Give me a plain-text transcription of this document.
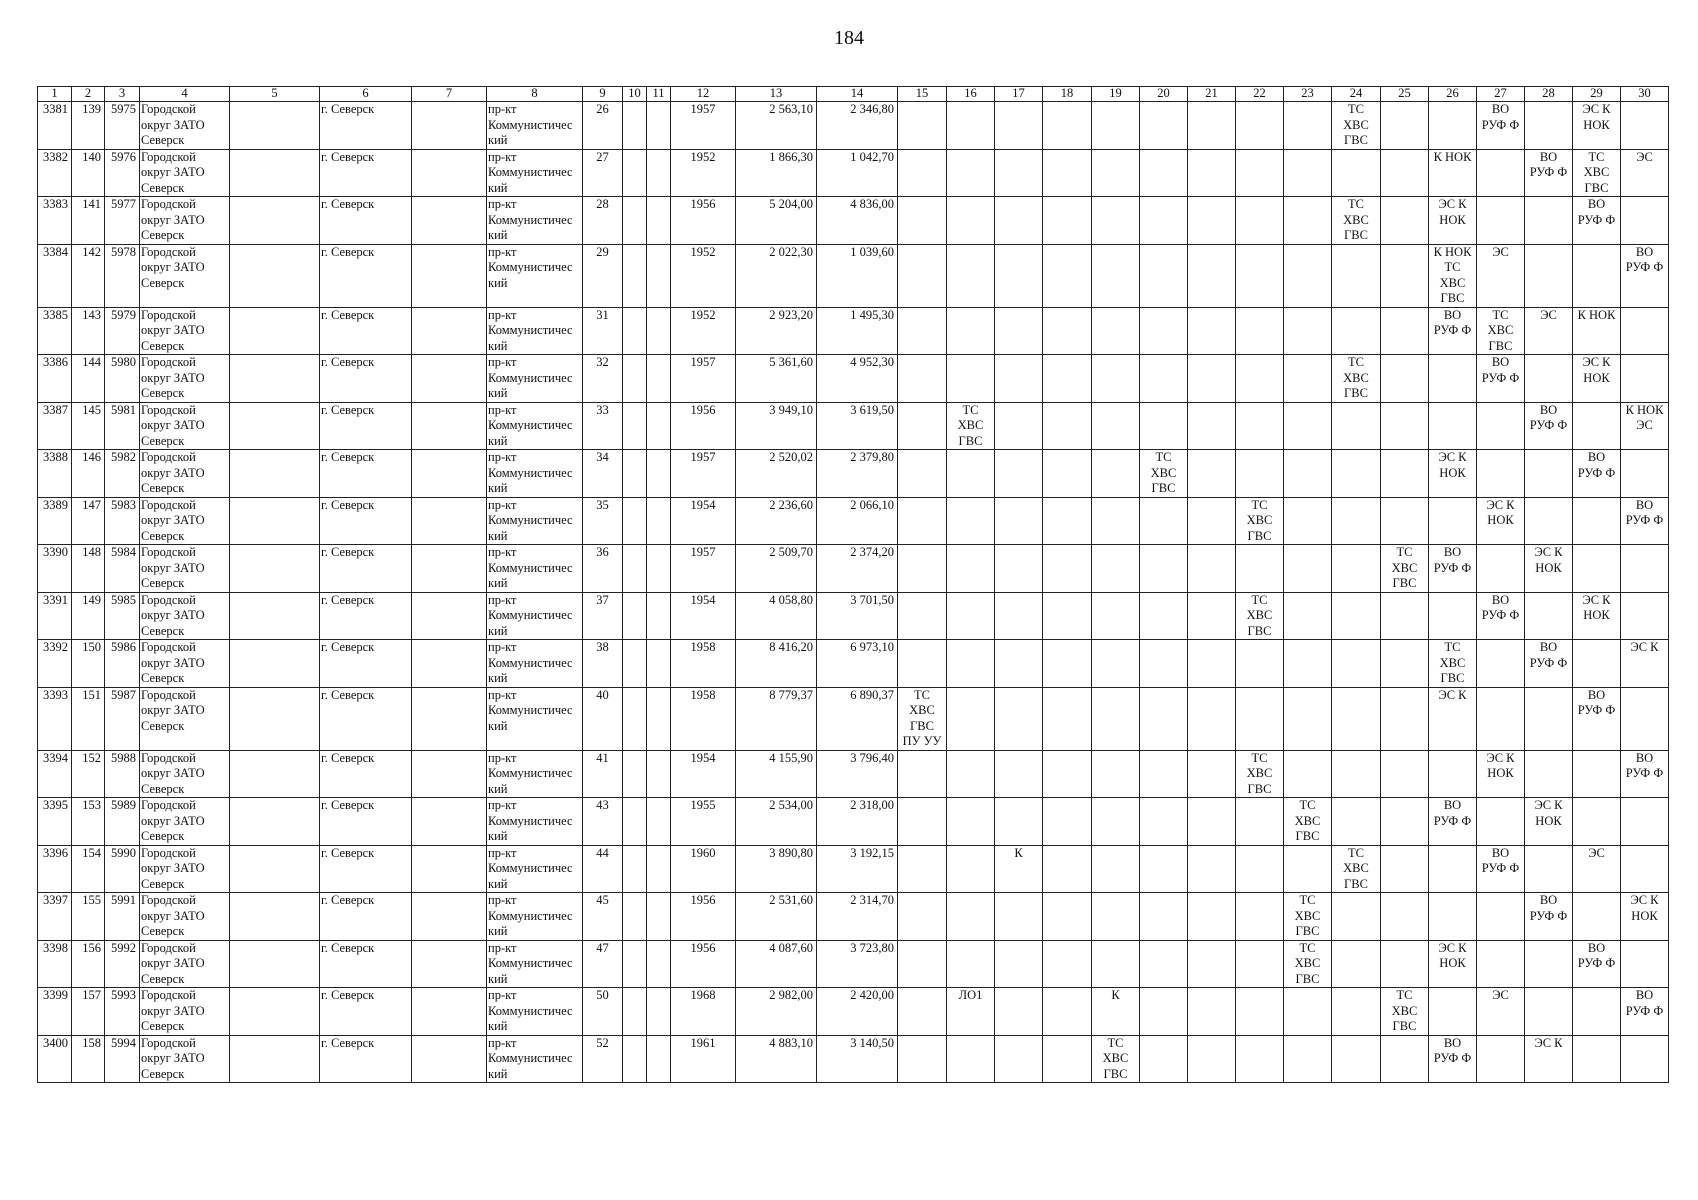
184
1	2	3	4	5	6	7	8	9	10	11	12	13	14	15	16	17	18	19	20	21	22	23	24	25	26	27	28	29	30

3381	139	5975	Городской
округ ЗАТО
Северск		г. Северск		пр-кт
Коммунистичес
кий	26			1957	2 563,10	2 346,80										ТС
ХВС
ГВС			ВО
РУФ Ф		ЭС К
НОК	

3382	140	5976	Городской
округ ЗАТО
Северск		г. Северск		пр-кт
Коммунистичес
кий	27			1952	1 866,30	1 042,70												К НОК		ВО
РУФ Ф	ТС
ХВС
ГВС	ЭС

3383	141	5977	Городской
округ ЗАТО
Северск		г. Северск		пр-кт
Коммунистичес
кий	28			1956	5 204,00	4 836,00										ТС
ХВС
ГВС		ЭС К
НОК			ВО
РУФ Ф	

3384	142	5978	Городской
округ ЗАТО
Северск		г. Северск		пр-кт
Коммунистичес
кий	29			1952	2 022,30	1 039,60												К НОК
ТС
ХВС
ГВС	ЭС			ВО
РУФ Ф

3385	143	5979	Городской
округ ЗАТО
Северск		г. Северск		пр-кт
Коммунистичес
кий	31			1952	2 923,20	1 495,30												ВО
РУФ Ф	ТС
ХВС
ГВС	ЭС	К НОК	

3386	144	5980	Городской
округ ЗАТО
Северск		г. Северск		пр-кт
Коммунистичес
кий	32			1957	5 361,60	4 952,30										ТС
ХВС
ГВС			ВО
РУФ Ф		ЭС К
НОК	

3387	145	5981	Городской
округ ЗАТО
Северск		г. Северск		пр-кт
Коммунистичес
кий	33			1956	3 949,10	3 619,50		ТС
ХВС
ГВС												ВО
РУФ Ф		К НОК
ЭС

3388	146	5982	Городской
округ ЗАТО
Северск		г. Северск		пр-кт
Коммунистичес
кий	34			1957	2 520,02	2 379,80						ТС
ХВС
ГВС						ЭС К
НОК			ВО
РУФ Ф	

3389	147	5983	Городской
округ ЗАТО
Северск		г. Северск		пр-кт
Коммунистичес
кий	35			1954	2 236,60	2 066,10								ТС
ХВС
ГВС					ЭС К
НОК			ВО
РУФ Ф

3390	148	5984	Городской
округ ЗАТО
Северск		г. Северск		пр-кт
Коммунистичес
кий	36			1957	2 509,70	2 374,20											ТС
ХВС
ГВС	ВО
РУФ Ф		ЭС К
НОК		

3391	149	5985	Городской
округ ЗАТО
Северск		г. Северск		пр-кт
Коммунистичес
кий	37			1954	4 058,80	3 701,50								ТС
ХВС
ГВС					ВО
РУФ Ф		ЭС К
НОК	

3392	150	5986	Городской
округ ЗАТО
Северск		г. Северск		пр-кт
Коммунистичес
кий	38			1958	8 416,20	6 973,10												ТС
ХВС
ГВС		ВО
РУФ Ф		ЭС К

3393	151	5987	Городской
округ ЗАТО
Северск		г. Северск		пр-кт
Коммунистичес
кий	40			1958	8 779,37	6 890,37	ТС
ХВС
ГВС
ПУ УУ											ЭС К			ВО
РУФ Ф	

3394	152	5988	Городской
округ ЗАТО
Северск		г. Северск		пр-кт
Коммунистичес
кий	41			1954	4 155,90	3 796,40								ТС
ХВС
ГВС					ЭС К
НОК			ВО
РУФ Ф

3395	153	5989	Городской
округ ЗАТО
Северск		г. Северск		пр-кт
Коммунистичес
кий	43			1955	2 534,00	2 318,00									ТС
ХВС
ГВС			ВО
РУФ Ф		ЭС К
НОК		

3396	154	5990	Городской
округ ЗАТО
Северск		г. Северск		пр-кт
Коммунистичес
кий	44			1960	3 890,80	3 192,15			К							ТС
ХВС
ГВС			ВО
РУФ Ф		ЭС	

3397	155	5991	Городской
округ ЗАТО
Северск		г. Северск		пр-кт
Коммунистичес
кий	45			1956	2 531,60	2 314,70									ТС
ХВС
ГВС					ВО
РУФ Ф		ЭС К
НОК

3398	156	5992	Городской
округ ЗАТО
Северск		г. Северск		пр-кт
Коммунистичес
кий	47			1956	4 087,60	3 723,80									ТС
ХВС
ГВС			ЭС К
НОК			ВО
РУФ Ф	

3399	157	5993	Городской
округ ЗАТО
Северск		г. Северск		пр-кт
Коммунистичес
кий	50			1968	2 982,00	2 420,00		ЛО1			К						ТС
ХВС
ГВС		ЭС			ВО
РУФ Ф

3400	158	5994	Городской
округ ЗАТО
Северск		г. Северск		пр-кт
Коммунистичес
кий	52			1961	4 883,10	3 140,50					ТС
ХВС
ГВС							ВО
РУФ Ф		ЭС К		
